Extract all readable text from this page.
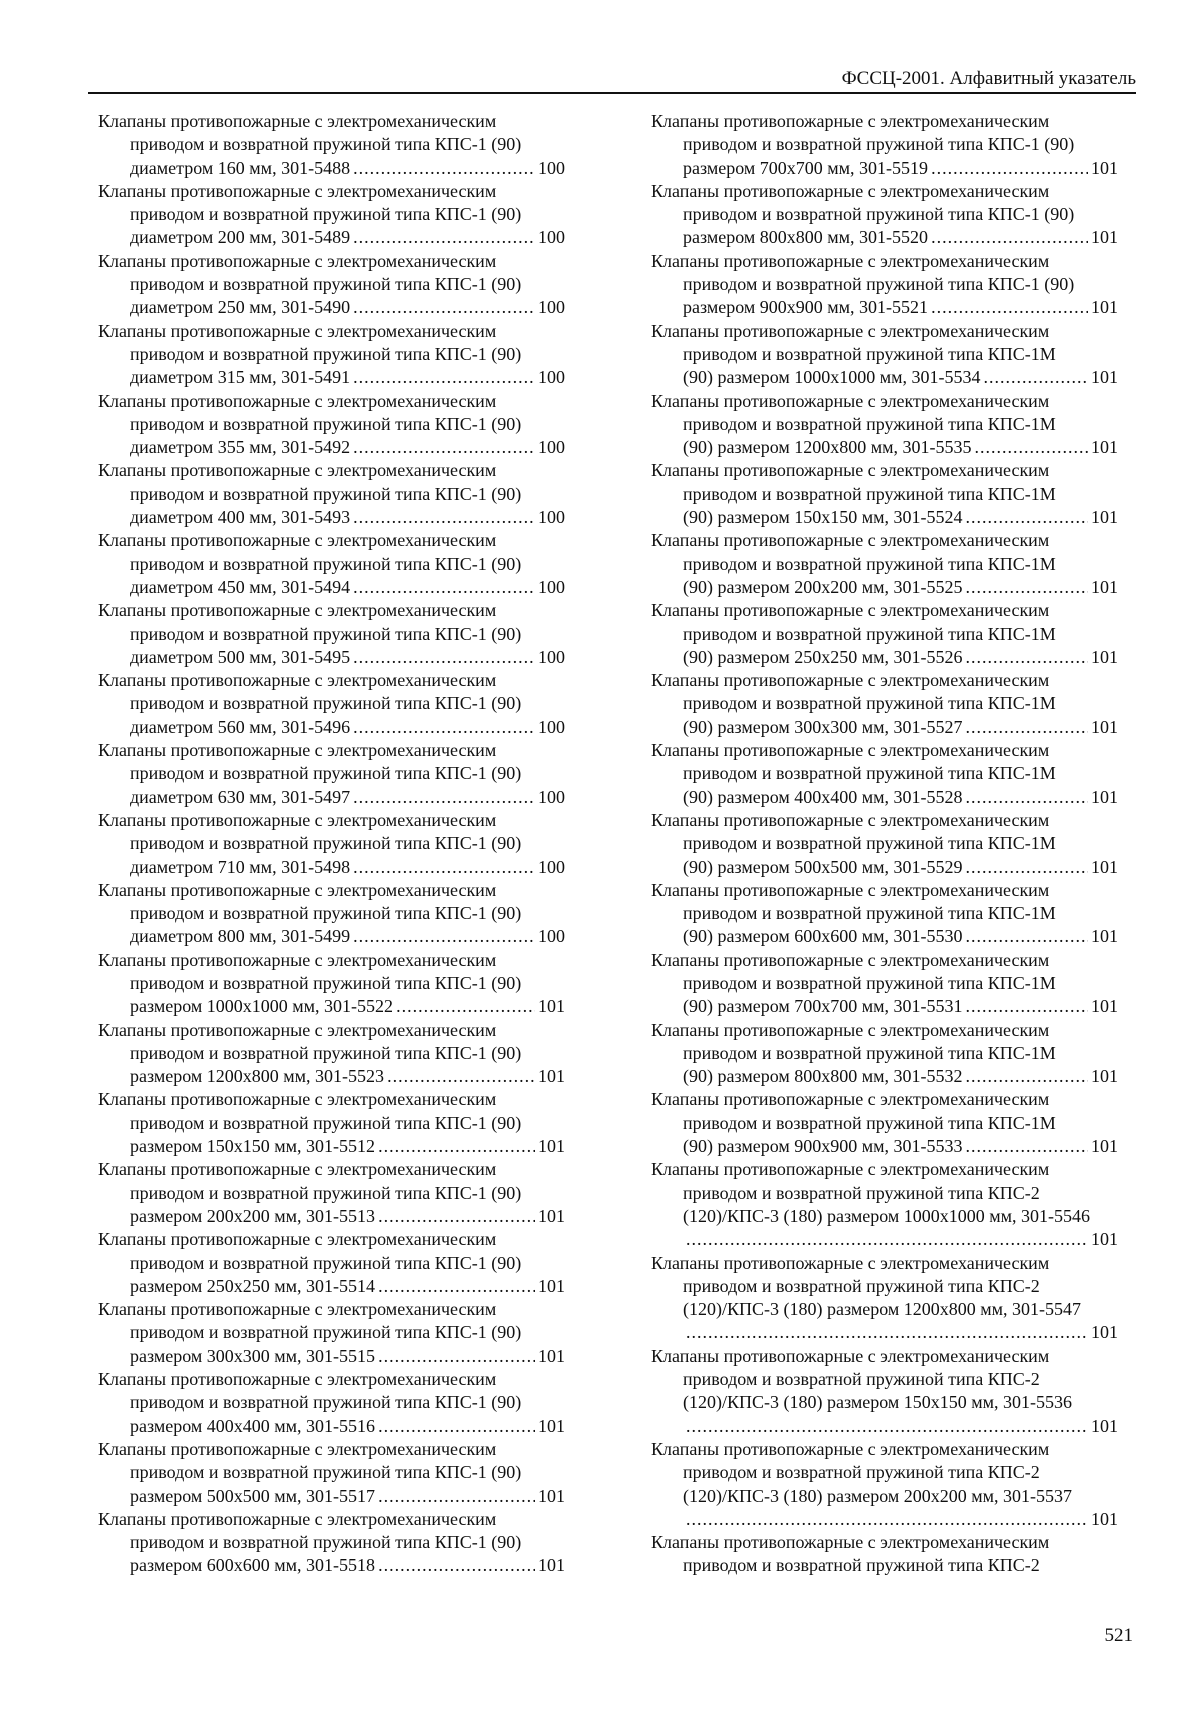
ФССЦ-2001. Алфавитный указатель
Клапаны противопожарные с электромеханическим
приводом и возвратной пружиной типа КПС-1 (90)
диаметром 160 мм, 301-5488 .....	100
Клапаны противопожарные с электромеханическим
приводом и возвратной пружиной типа КПС-1 (90)
диаметром 200 мм, 301-5489 .....	100
Клапаны противопожарные с электромеханическим
приводом и возвратной пружиной типа КПС-1 (90)
диаметром 250 мм, 301-5490 .....	100
Клапаны противопожарные с электромеханическим
приводом и возвратной пружиной типа КПС-1 (90)
диаметром 315 мм, 301-5491 .....	100
Клапаны противопожарные с электромеханическим
приводом и возвратной пружиной типа КПС-1 (90)
диаметром 355 мм, 301-5492 .....	100
Клапаны противопожарные с электромеханическим
приводом и возвратной пружиной типа КПС-1 (90)
диаметром 400 мм, 301-5493 .....	100
Клапаны противопожарные с электромеханическим
приводом и возвратной пружиной типа КПС-1 (90)
диаметром 450 мм, 301-5494 .....	100
Клапаны противопожарные с электромеханическим
приводом и возвратной пружиной типа КПС-1 (90)
диаметром 500 мм, 301-5495 .....	100
Клапаны противопожарные с электромеханическим
приводом и возвратной пружиной типа КПС-1 (90)
диаметром 560 мм, 301-5496 .....	100
Клапаны противопожарные с электромеханическим
приводом и возвратной пружиной типа КПС-1 (90)
диаметром 630 мм, 301-5497 .....	100
Клапаны противопожарные с электромеханическим
приводом и возвратной пружиной типа КПС-1 (90)
диаметром 710 мм, 301-5498 .....	100
Клапаны противопожарные с электромеханическим
приводом и возвратной пружиной типа КПС-1 (90)
диаметром 800 мм, 301-5499 .....	100
Клапаны противопожарные с электромеханическим
приводом и возвратной пружиной типа КПС-1 (90)
размером 1000x1000 мм, 301-5522 .....	101
Клапаны противопожарные с электромеханическим
приводом и возвратной пружиной типа КПС-1 (90)
размером 1200x800 мм, 301-5523 .....	101
Клапаны противопожарные с электромеханическим
приводом и возвратной пружиной типа КПС-1 (90)
размером 150x150 мм, 301-5512 .....	101
Клапаны противопожарные с электромеханическим
приводом и возвратной пружиной типа КПС-1 (90)
размером 200x200 мм, 301-5513 .....	101
Клапаны противопожарные с электромеханическим
приводом и возвратной пружиной типа КПС-1 (90)
размером 250x250 мм, 301-5514 .....	101
Клапаны противопожарные с электромеханическим
приводом и возвратной пружиной типа КПС-1 (90)
размером 300x300 мм, 301-5515 .....	101
Клапаны противопожарные с электромеханическим
приводом и возвратной пружиной типа КПС-1 (90)
размером 400x400 мм, 301-5516 .....	101
Клапаны противопожарные с электромеханическим
приводом и возвратной пружиной типа КПС-1 (90)
размером 500x500 мм, 301-5517 .....	101
Клапаны противопожарные с электромеханическим
приводом и возвратной пружиной типа КПС-1 (90)
размером 600x600 мм, 301-5518 .....	101
Клапаны противопожарные с электромеханическим
приводом и возвратной пружиной типа КПС-1 (90)
размером 700x700 мм, 301-5519 .....	101
Клапаны противопожарные с электромеханическим
приводом и возвратной пружиной типа КПС-1 (90)
размером 800x800 мм, 301-5520 .....	101
Клапаны противопожарные с электромеханическим
приводом и возвратной пружиной типа КПС-1 (90)
размером 900x900 мм, 301-5521 .....	101
Клапаны противопожарные с электромеханическим
приводом и возвратной пружиной типа КПС-1М
(90) размером 1000x1000 мм, 301-5534 .....	101
Клапаны противопожарные с электромеханическим
приводом и возвратной пружиной типа КПС-1М
(90) размером 1200x800 мм, 301-5535 .....	101
Клапаны противопожарные с электромеханическим
приводом и возвратной пружиной типа КПС-1М
(90) размером 150x150 мм, 301-5524 .....	101
Клапаны противопожарные с электромеханическим
приводом и возвратной пружиной типа КПС-1М
(90) размером 200x200 мм, 301-5525 .....	101
Клапаны противопожарные с электромеханическим
приводом и возвратной пружиной типа КПС-1М
(90) размером 250x250 мм, 301-5526 .....	101
Клапаны противопожарные с электромеханическим
приводом и возвратной пружиной типа КПС-1М
(90) размером 300x300 мм, 301-5527 .....	101
Клапаны противопожарные с электромеханическим
приводом и возвратной пружиной типа КПС-1М
(90) размером 400x400 мм, 301-5528 .....	101
Клапаны противопожарные с электромеханическим
приводом и возвратной пружиной типа КПС-1М
(90) размером 500x500 мм, 301-5529 .....	101
Клапаны противопожарные с электромеханическим
приводом и возвратной пружиной типа КПС-1М
(90) размером 600x600 мм, 301-5530 .....	101
Клапаны противопожарные с электромеханическим
приводом и возвратной пружиной типа КПС-1М
(90) размером 700x700 мм, 301-5531 .....	101
Клапаны противопожарные с электромеханическим
приводом и возвратной пружиной типа КПС-1М
(90) размером 800x800 мм, 301-5532 .....	101
Клапаны противопожарные с электромеханическим
приводом и возвратной пружиной типа КПС-1М
(90) размером 900x900 мм, 301-5533 .....	101
Клапаны противопожарные с электромеханическим
приводом и возвратной пружиной типа КПС-2
(120)/КПС-3 (180) размером 1000x1000 мм, 301-5546
.....
101
Клапаны противопожарные с электромеханическим
приводом и возвратной пружиной типа КПС-2
(120)/КПС-3 (180) размером 1200x800 мм, 301-5547
.....
101
Клапаны противопожарные с электромеханическим
приводом и возвратной пружиной типа КПС-2
(120)/КПС-3 (180) размером 150x150 мм, 301-5536
.....
101
Клапаны противопожарные с электромеханическим
приводом и возвратной пружиной типа КПС-2
(120)/КПС-3 (180) размером 200x200 мм, 301-5537
.....
101
Клапаны противопожарные с электромеханическим
приводом и возвратной пружиной типа КПС-2
521
